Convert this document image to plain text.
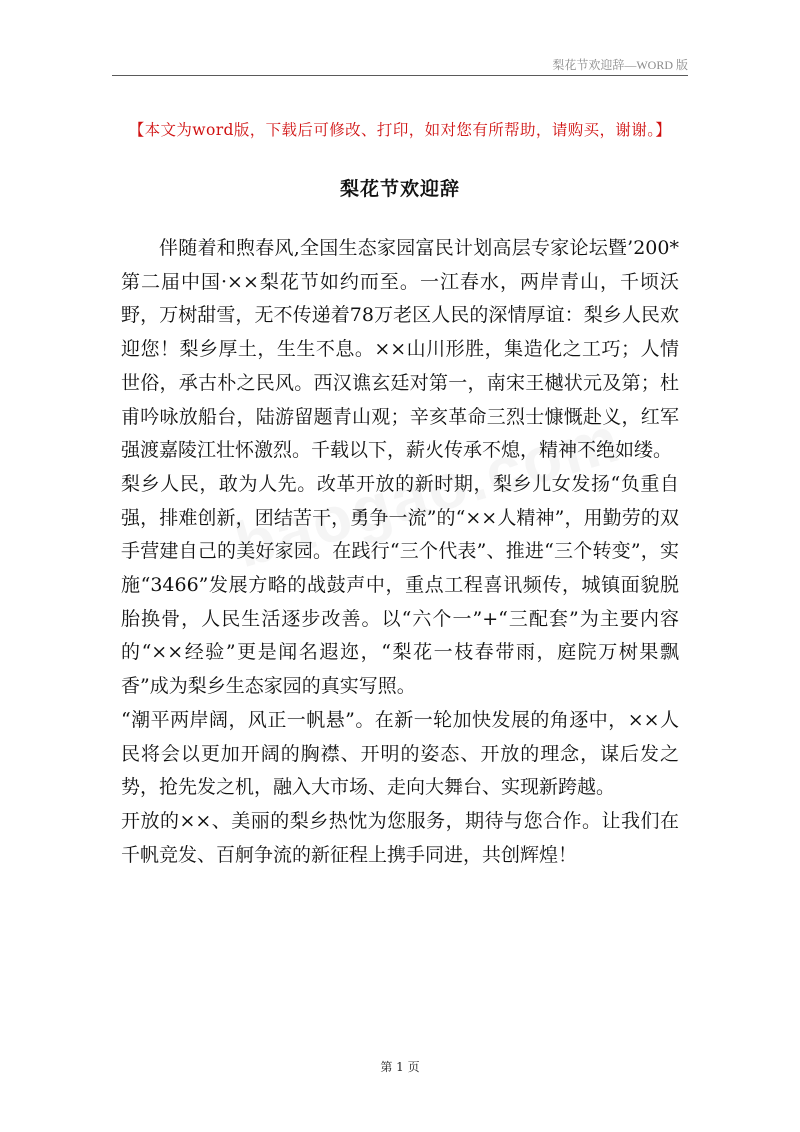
梨花节欢迎辞—WORD 版
【本文为word版，下载后可修改、打印，如对您有所帮助，请购买，谢谢。】
梨花节欢迎辞

伴随着和煦春风,全国生态家园富民计划高层专家论坛暨’200*第二届中国·××梨花节如约而至。一江春水，两岸青山，千顷沃野，万树甜雪，无不传递着78万老区人民的深情厚谊：梨乡人民欢迎您！梨乡厚土，生生不息。××山川形胜，集造化之工巧；人情世俗，承古朴之民风。西汉谯玄廷对第一，南宋王樾状元及第；杜甫吟咏放船台，陆游留题青山观；辛亥革命三烈士慷慨赴义，红军强渡嘉陵江壮怀激烈。千载以下，薪火传承不熄，精神不绝如缕。

梨乡人民，敢为人先。改革开放的新时期，梨乡儿女发扬“负重自强，排难创新，团结苦干，勇争一流”的“××人精神”，用勤劳的双手营建自己的美好家园。在践行“三个代表”、推进“三个转变”，实施“3466”发展方略的战鼓声中，重点工程喜讯频传，城镇面貌脱胎换骨，人民生活逐步改善。以“六个一”+“三配套”为主要内容的“××经验”更是闻名遐迩，“梨花一枝春带雨，庭院万树果飘香”成为梨乡生态家园的真实写照。

“潮平两岸阔，风正一帆悬”。在新一轮加快发展的角逐中，××人民将会以更加开阔的胸襟、开明的姿态、开放的理念，谋后发之势，抢先发之机，融入大市场、走向大舞台、实现新跨越。

开放的××、美丽的梨乡热忱为您服务，期待与您合作。让我们在千帆竞发、百舸争流的新征程上携手同进，共创辉煌！

第 1 页
